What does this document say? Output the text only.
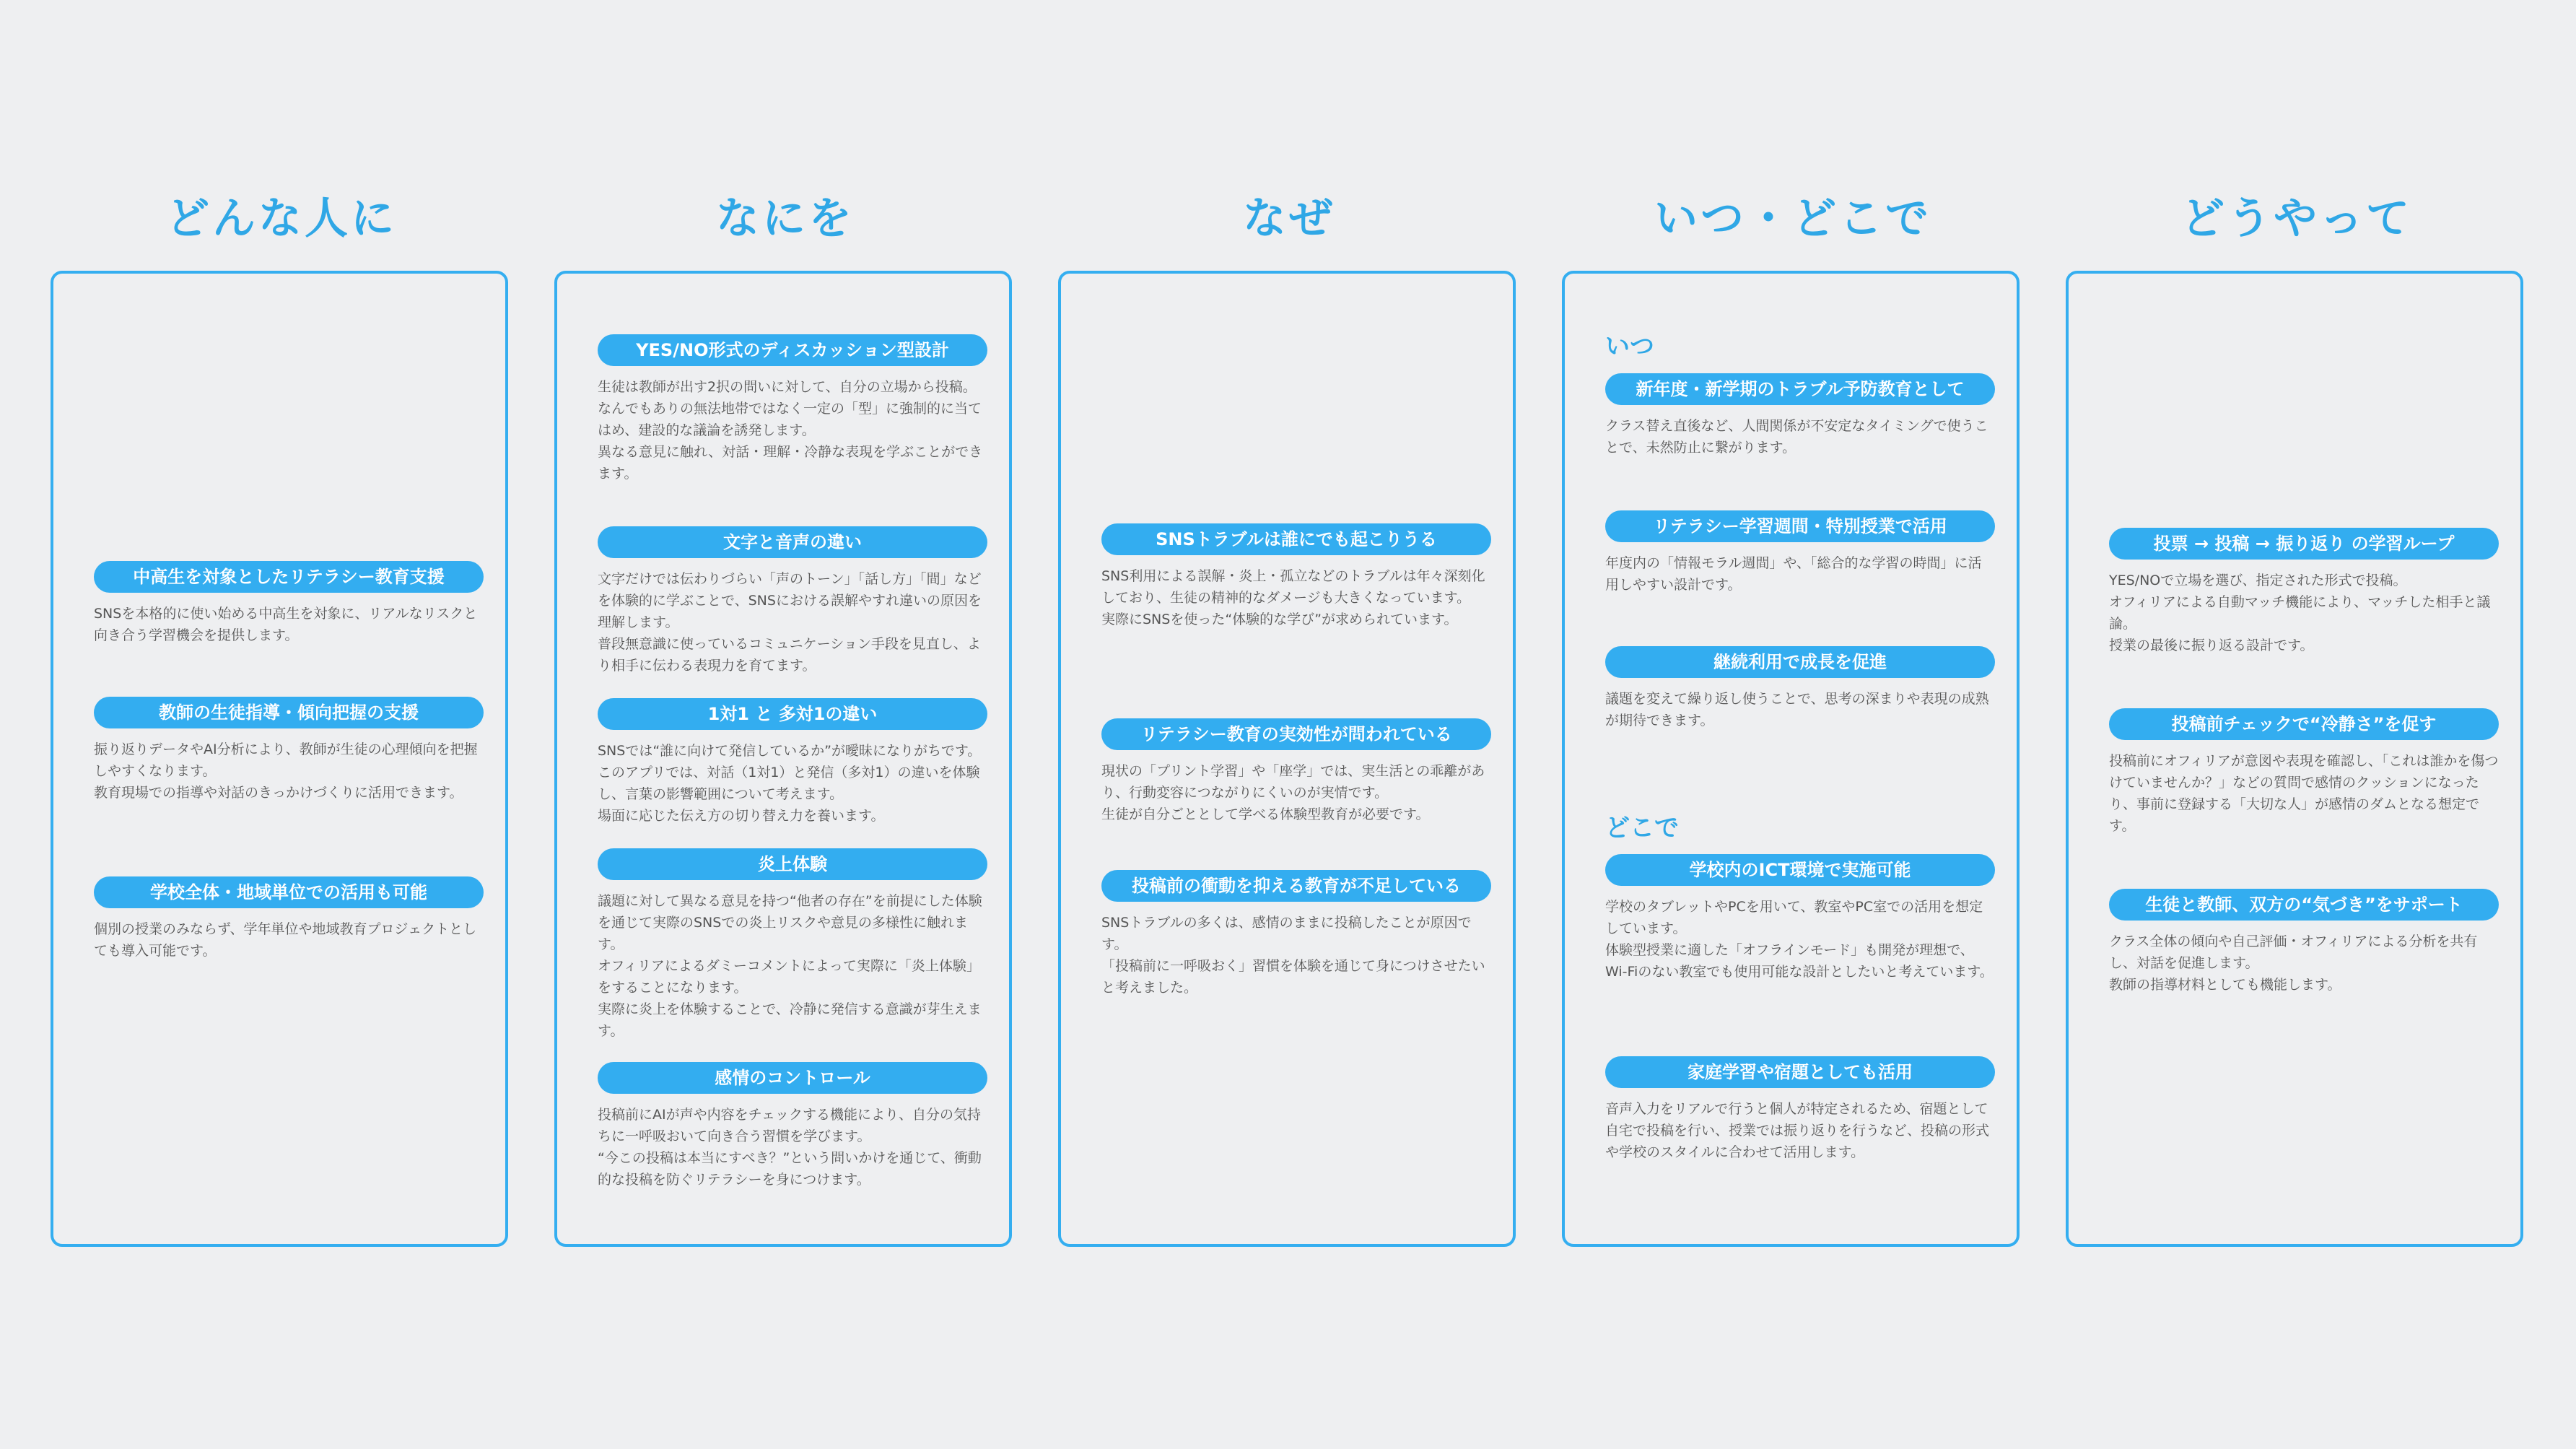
どんな人に
中高生を対象としたリテラシー教育支援
SNSを本格的に使い始める中高生を対象に、リアルなリスクと向き合う学習機会を提供します。
教師の生徒指導・傾向把握の支援
振り返りデータやAI分析により、教師が生徒の心理傾向を把握しやすくなります。
教育現場での指導や対話のきっかけづくりに活用できます。
学校全体・地域単位での活用も可能
個別の授業のみならず、学年単位や地域教育プロジェクトとしても導入可能です。
なにを
YES/NO形式のディスカッション型設計
生徒は教師が出す2択の問いに対して、自分の立場から投稿。
なんでもありの無法地帯ではなく一定の「型」に強制的に当てはめ、建設的な議論を誘発します。
異なる意見に触れ、対話・理解・冷静な表現を学ぶことができます。
文字と音声の違い
文字だけでは伝わりづらい「声のトーン」「話し方」「間」などを体験的に学ぶことで、SNSにおける誤解やすれ違いの原因を理解します。
普段無意識に使っているコミュニケーション手段を見直し、より相手に伝わる表現力を育てます。
1対1 と 多対1の違い
SNSでは“誰に向けて発信しているか”が曖昧になりがちです。このアプリでは、対話（1対1）と発信（多対1）の違いを体験し、言葉の影響範囲について考えます。
場面に応じた伝え方の切り替え力を養います。
炎上体験
議題に対して異なる意見を持つ“他者の存在”を前提にした体験を通じて実際のSNSでの炎上リスクや意見の多様性に触れます。
オフィリアによるダミーコメントによって実際に「炎上体験」をすることになります。
実際に炎上を体験することで、冷静に発信する意識が芽生えます。
感情のコントロール
投稿前にAIが声や内容をチェックする機能により、自分の気持ちに一呼吸おいて向き合う習慣を学びます。
“今この投稿は本当にすべき？”という問いかけを通じて、衝動的な投稿を防ぐリテラシーを身につけます。
なぜ
SNSトラブルは誰にでも起こりうる
SNS利用による誤解・炎上・孤立などのトラブルは年々深刻化しており、生徒の精神的なダメージも大きくなっています。
実際にSNSを使った“体験的な学び”が求められています。
リテラシー教育の実効性が問われている
現状の「プリント学習」や「座学」では、実生活との乖離があり、行動変容につながりにくいのが実情です。
生徒が自分ごととして学べる体験型教育が必要です。
投稿前の衝動を抑える教育が不足している
SNSトラブルの多くは、感情のままに投稿したことが原因です。
「投稿前に一呼吸おく」習慣を体験を通じて身につけさせたいと考えました。
いつ・どこで
いつ
新年度・新学期のトラブル予防教育として
クラス替え直後など、人間関係が不安定なタイミングで使うことで、未然防止に繋がります。
リテラシー学習週間・特別授業で活用
年度内の「情報モラル週間」や、「総合的な学習の時間」に活用しやすい設計です。
継続利用で成長を促進
議題を変えて繰り返し使うことで、思考の深まりや表現の成熟が期待できます。
どこで
学校内のICT環境で実施可能
学校のタブレットやPCを用いて、教室やPC室での活用を想定しています。
体験型授業に適した「オフラインモード」も開発が理想で、Wi-Fiのない教室でも使用可能な設計としたいと考えています。
家庭学習や宿題としても活用
音声入力をリアルで行うと個人が特定されるため、宿題として自宅で投稿を行い、授業では振り返りを行うなど、投稿の形式や学校のスタイルに合わせて活用します。
どうやって
投票 → 投稿 → 振り返り の学習ループ
YES/NOで立場を選び、指定された形式で投稿。
オフィリアによる自動マッチ機能により、マッチした相手と議論。
授業の最後に振り返る設計です。
投稿前チェックで“冷静さ”を促す
投稿前にオフィリアが意図や表現を確認し、「これは誰かを傷つけていませんか？」などの質問で感情のクッションになったり、事前に登録する「大切な人」が感情のダムとなる想定です。
生徒と教師、双方の“気づき”をサポート
クラス全体の傾向や自己評価・オフィリアによる分析を共有し、対話を促進します。
教師の指導材料としても機能します。
